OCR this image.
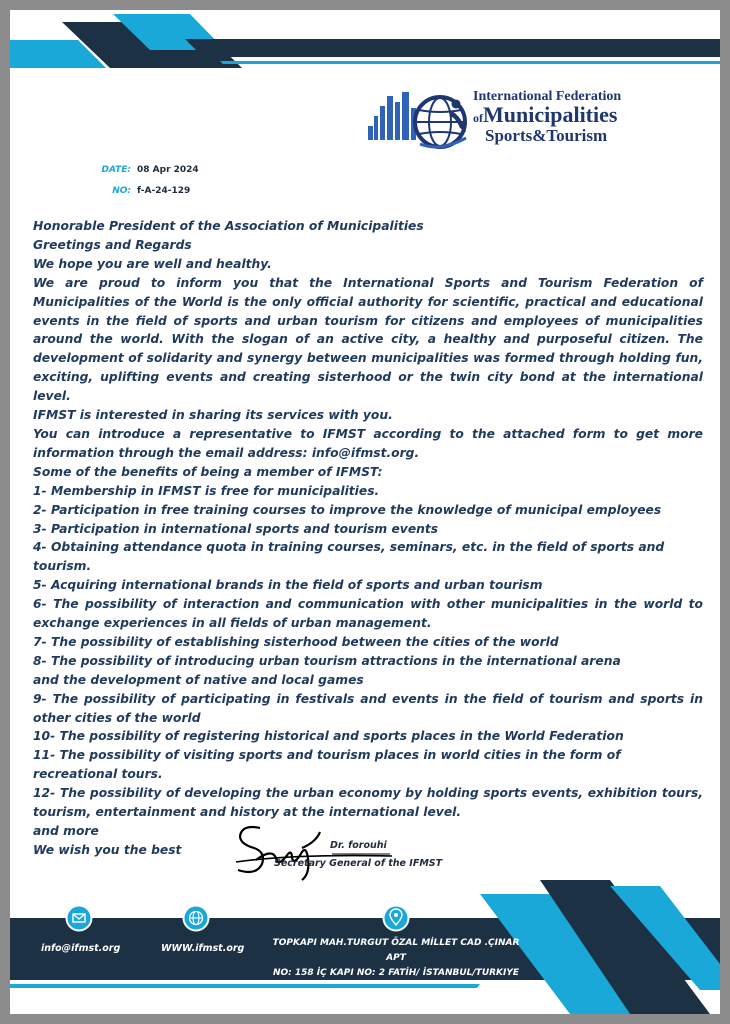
International Federation
ofMunicipalities
Sports&Tourism
DATE: 08 Apr 2024
NO: f-A-24-129

Honorable President of the Association of Municipalities

Greetings and Regards

We hope you are well and healthy.

We are proud to inform you that the International Sports and Tourism Federation of Municipalities of the World is the only official authority for scientific, practical and educational events in the field of sports and urban tourism for citizens and employees of municipalities around the world. With the slogan of an active city, a healthy and purposeful citizen. The development of solidarity and synergy between municipalities was formed through holding fun, exciting, uplifting events and creating sisterhood or the twin city bond at the international level.

IFMST is interested in sharing its services with you.

You can introduce a representative to IFMST according to the attached form to get more information through the email address: info@ifmst.org.

Some of the benefits of being a member of IFMST:

1- Membership in IFMST is free for municipalities.

2- Participation in free training courses to improve the knowledge of municipal employees

3- Participation in international sports and tourism events

4- Obtaining attendance quota in training courses, seminars, etc. in the field of sports and tourism.

5- Acquiring international brands in the field of sports and urban tourism

6- The possibility of interaction and communication with other municipalities in the world to exchange experiences in all fields of urban management.

7- The possibility of establishing sisterhood between the cities of the world

8- The possibility of introducing urban tourism attractions in the international arena

and the development of native and local games

9- The possibility of participating in festivals and events in the field of tourism and sports in other cities of the world

10- The possibility of registering historical and sports places in the World Federation

11- The possibility of visiting sports and tourism places in world cities in the form of recreational tours.

12- The possibility of developing the urban economy by holding sports events, exhibition tours, tourism, entertainment and history at the international level.

and more

We wish you the best	Dr. forouhi
Secretary General of the IFMST
info@ifmst.org	WWW.ifmst.org	TOPKAPI MAH.TURGUT ÖZAL MİLLET CAD .ÇINAR APT
NO: 158 İÇ KAPI NO: 2 FATİH/ İSTANBUL/TURKIYE
